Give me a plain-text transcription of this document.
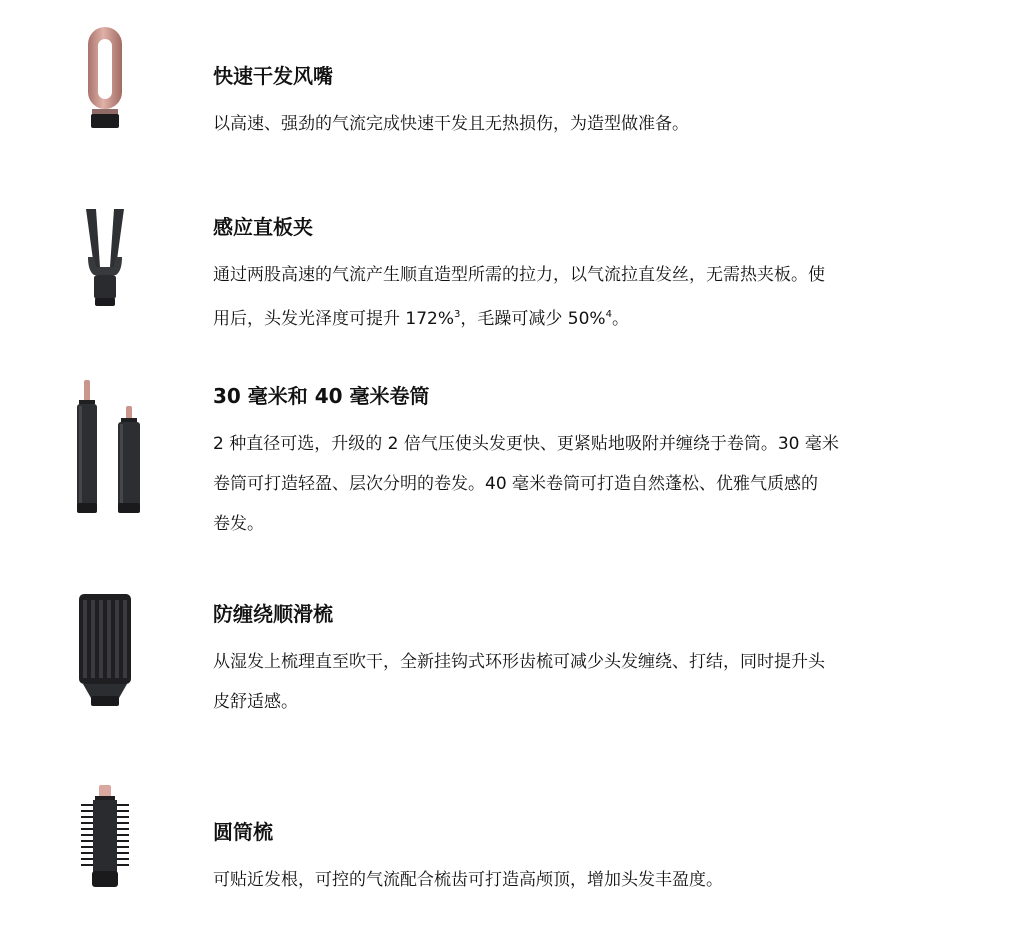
快速干发风嘴

以高速、强劲的气流完成快速干发且无热损伤，为造型做准备。

感应直板夹

通过两股高速的气流产生顺直造型所需的拉力，以气流拉直发丝，无需热夹板。使
用后，头发光泽度可提升 172%$^3$，毛躁可减少 50%$^4$。

30 毫米和 40 毫米卷筒

2 种直径可选，升级的 2 倍气压使头发更快、更紧贴地吸附并缠绕于卷筒。30 毫米
卷筒可打造轻盈、层次分明的卷发。40 毫米卷筒可打造自然蓬松、优雅气质感的
卷发。

防缠绕顺滑梳

从湿发上梳理直至吹干，全新挂钩式环形齿梳可减少头发缠绕、打结，同时提升头
皮舒适感。

圆筒梳

可贴近发根，可控的气流配合梳齿可打造高颅顶，增加头发丰盈度。
